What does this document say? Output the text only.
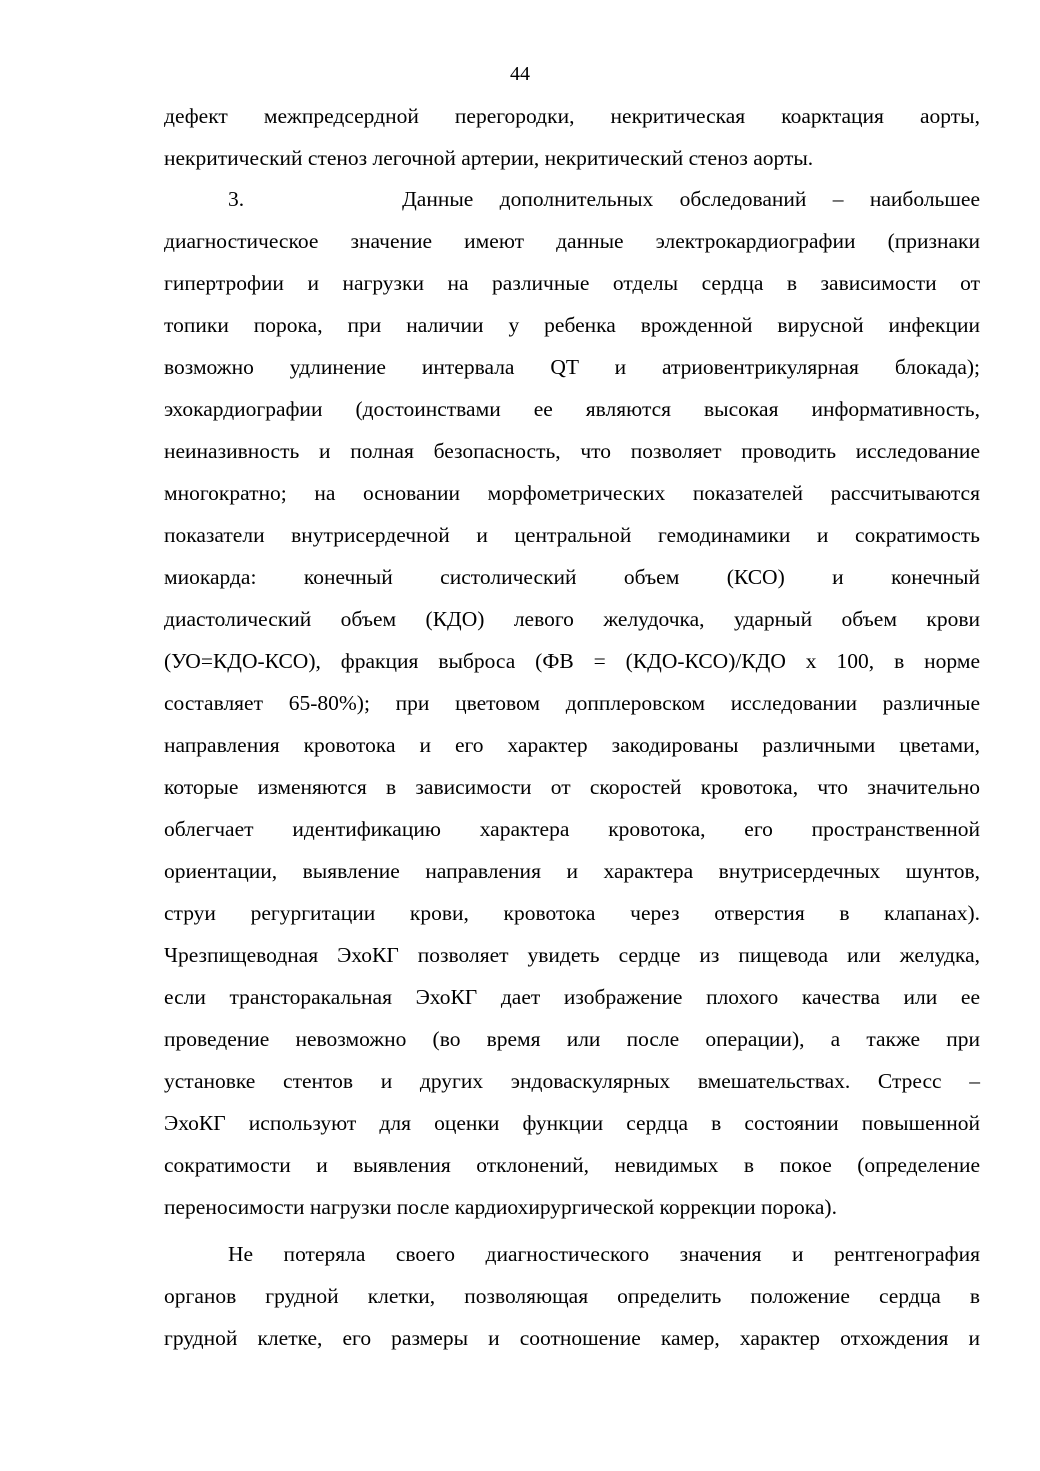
44
дефект межпредсердной перегородки, некритическая коарктация аорты,
некритический стеноз легочной артерии, некритический стеноз аорты.
3.      Данные дополнительных обследований – наибольшее
диагностическое значение имеют данные электрокардиографии (признаки
гипертрофии и нагрузки на различные отделы сердца в зависимости от
топики порока, при наличии у ребенка врожденной вирусной инфекции
возможно удлинение интервала QT и атриовентрикулярная блокада);
эхокардиографии (достоинствами ее являются высокая информативность,
неиназивность и полная безопасность, что позволяет проводить исследование
многократно; на основании морфометрических показателей рассчитываются
показатели внутрисердечной и центральной гемодинамики и сократимость
миокарда: конечный систолический объем (КСО) и конечный
диастолический объем (КДО) левого желудочка, ударный объем крови
(УО=КДО-КСО), фракция выброса (ФВ = (КДО-КСО)/КДО х 100, в норме
составляет 65-80%); при цветовом допплеровском исследовании различные
направления кровотока и его характер закодированы различными цветами,
которые изменяются в зависимости от скоростей кровотока, что значительно
облегчает идентификацию характера кровотока, его пространственной
ориентации, выявление направления и характера внутрисердечных шунтов,
струи регургитации крови, кровотока через отверстия в клапанах).
Чрезпищеводная ЭхоКГ позволяет увидеть сердце из пищевода или желудка,
если трансторакальная ЭхоКГ дает изображение плохого качества или ее
проведение невозможно (во время или после операции), а также при
установке стентов и других эндоваскулярных вмешательствах. Стресс –
ЭхоКГ используют для оценки функции сердца в состоянии повышенной
сократимости и выявления отклонений, невидимых в покое (определение
переносимости нагрузки после кардиохирургической коррекции порока).
Не потеряла своего диагностического значения и рентгенография
органов грудной клетки, позволяющая определить положение сердца в
грудной клетке, его размеры и соотношение камер, характер отхождения и
